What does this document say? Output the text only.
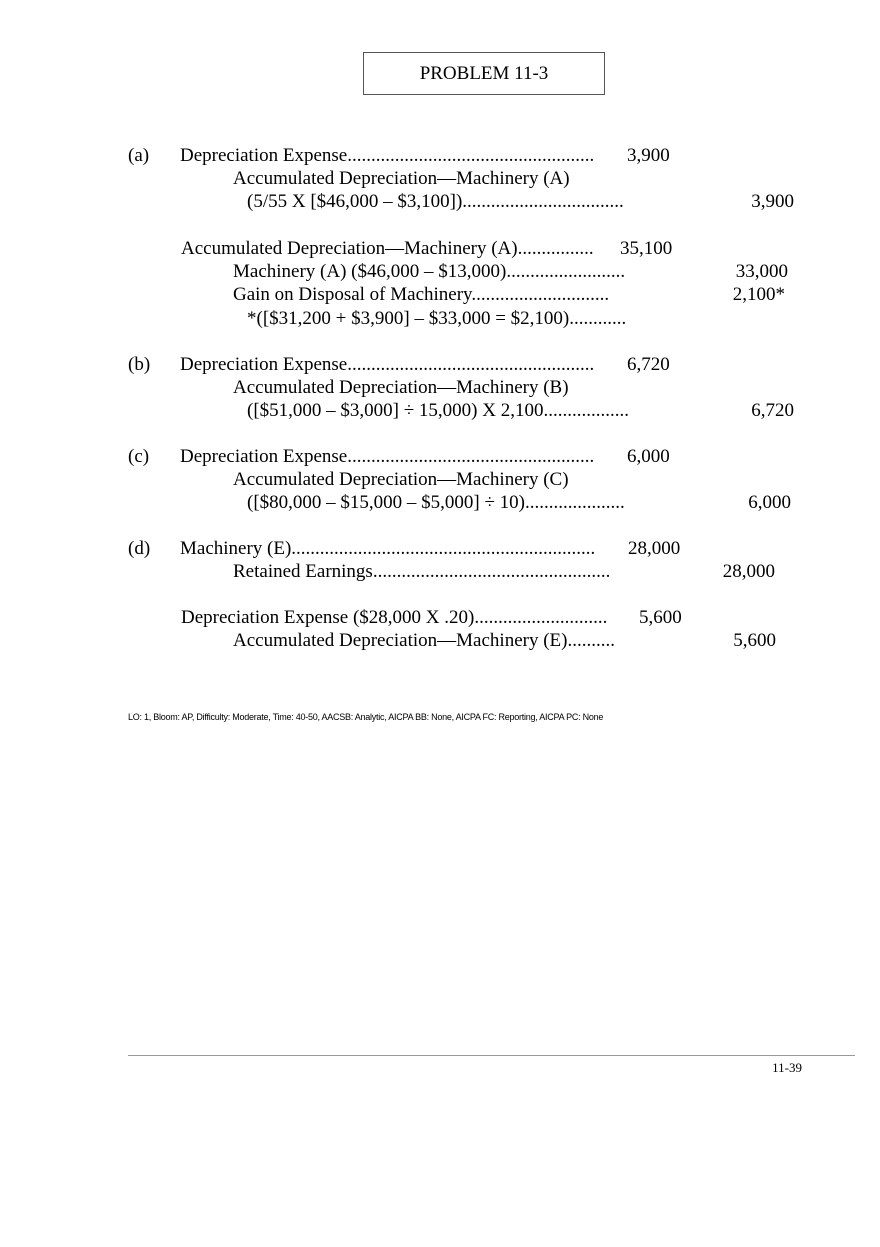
PROBLEM 11-3
(a) Depreciation Expense.................................................... 3,900
Accumulated Depreciation—Machinery (A)
(5/55 X [$46,000 – $3,100])..................................	3,900
Accumulated Depreciation—Machinery (A)................ 35,100
Machinery (A) ($46,000 – $13,000).........................	33,000
Gain on Disposal of Machinery.............................	2,100*
*([$31,200 + $3,900] – $33,000 = $2,100)............
(b) Depreciation Expense.................................................... 6,720
Accumulated Depreciation—Machinery (B)
([$51,000 – $3,000] ÷ 15,000) X 2,100..................	6,720
(c) Depreciation Expense.................................................... 6,000
Accumulated Depreciation—Machinery (C)
([$80,000 – $15,000 – $5,000] ÷ 10).....................	6,000
(d) Machinery (E)................................................................ 28,000
Retained Earnings..................................................	28,000
Depreciation Expense ($28,000 X .20)............................ 5,600
Accumulated Depreciation—Machinery (E)..........	5,600
LO: 1, Bloom: AP, Difficulty: Moderate, Time: 40-50, AACSB: Analytic, AICPA BB: None, AICPA FC: Reporting, AICPA PC: None
11-39
